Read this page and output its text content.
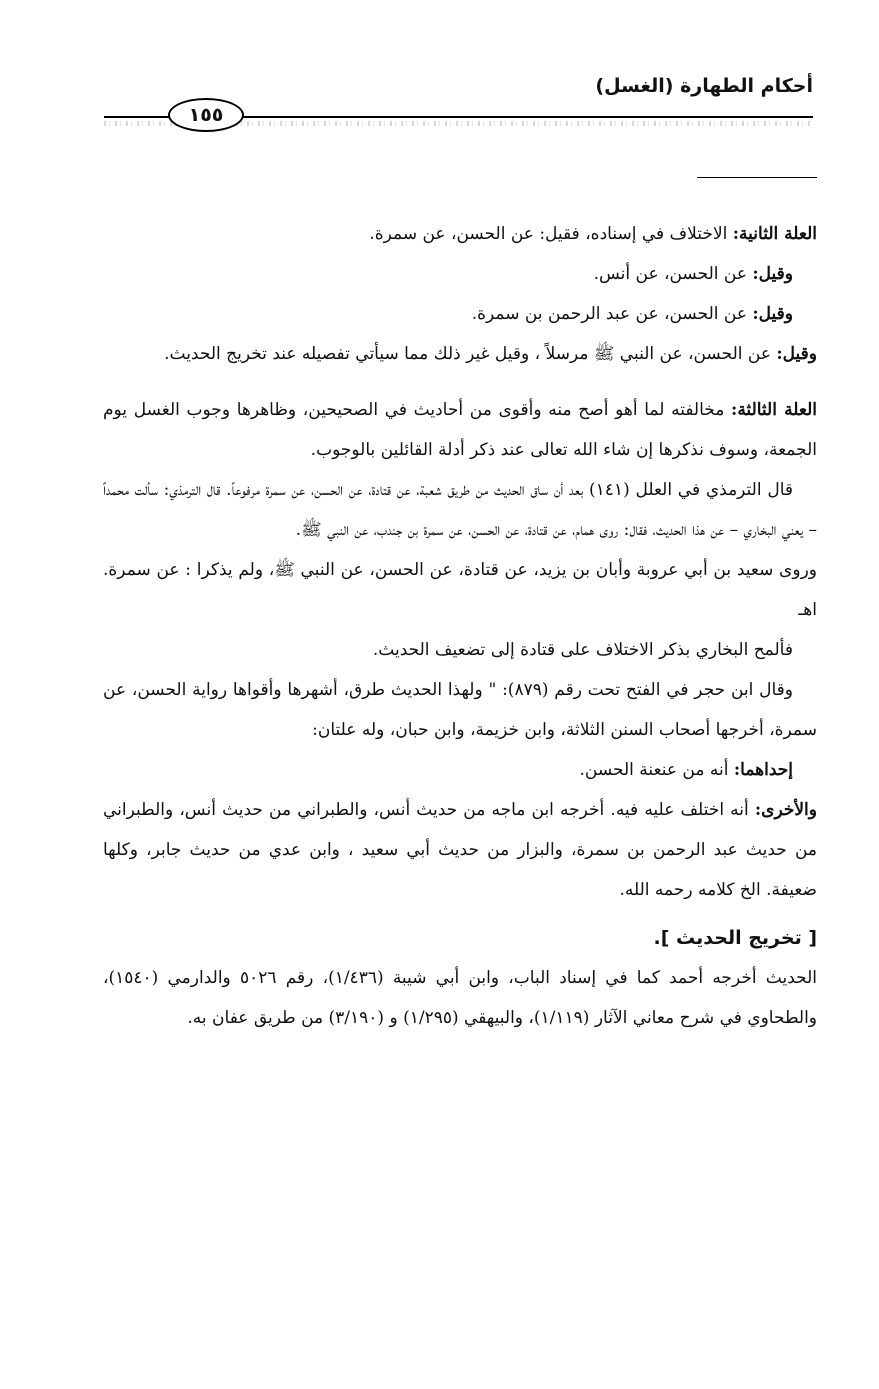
أحكام الطهارة (الغسل)
١٥٥

العلة الثانية: الاختلاف في إسناده، فقيل: عن الحسن، عن سمرة.

وقيل: عن الحسن، عن أنس.

وقيل: عن الحسن، عن عبد الرحمن بن سمرة.

وقيل: عن الحسن، عن النبي ﷺ مرسلاً ، وقيل غير ذلك مما سيأتي تفصيله عند تخريج الحديث.

العلة الثالثة: مخالفته لما أهو أصح منه وأقوى من أحاديث في الصحيحين، وظاهرها وجوب الغسل يوم الجمعة، وسوف نذكرها إن شاء الله تعالى عند ذكر أدلة القائلين بالوجوب.

قال الترمذي في العلل (١٤١) بعد أن ساق الحديث من طريق شعبة، عن قتادة، عن الحسن، عن سمرة مرفوعاً. قال الترمذي: سألت محمداً – يعني البخاري – عن هذا الحديث، فقال: روى همام، عن قتادة، عن الحسن، عن سمرة بن جندب، عن النبي ﷺ.

وروى سعيد بن أبي عروبة وأبان بن يزيد، عن قتادة، عن الحسن، عن النبي ﷺ، ولم يذكرا : عن سمرة. اهـ

فألمح البخاري بذكر الاختلاف على قتادة إلى تضعيف الحديث.

وقال ابن حجر في الفتح تحت رقم (٨٧٩): " ولهذا الحديث طرق، أشهرها وأقواها رواية الحسن، عن سمرة، أخرجها أصحاب السنن الثلاثة، وابن خزيمة، وابن حبان، وله علتان:

إحداهما: أنه من عنعنة الحسن.

والأخرى: أنه اختلف عليه فيه. أخرجه ابن ماجه من حديث أنس، والطبراني من حديث أنس، والطبراني من حديث عبد الرحمن بن سمرة، والبزار من حديث أبي سعيد ، وابن عدي من حديث جابر، وكلها ضعيفة. الخ كلامه رحمه الله.

[ تخريج الحديث ].

الحديث أخرجه أحمد كما في إسناد الباب، وابن أبي شيبة (١/٤٣٦)، رقم ٥٠٢٦ والدارمي (١٥٤٠)، والطحاوي في شرح معاني الآثار (١/١١٩)، والبيهقي (١/٢٩٥) و (٣/١٩٠) من طريق عفان به.
